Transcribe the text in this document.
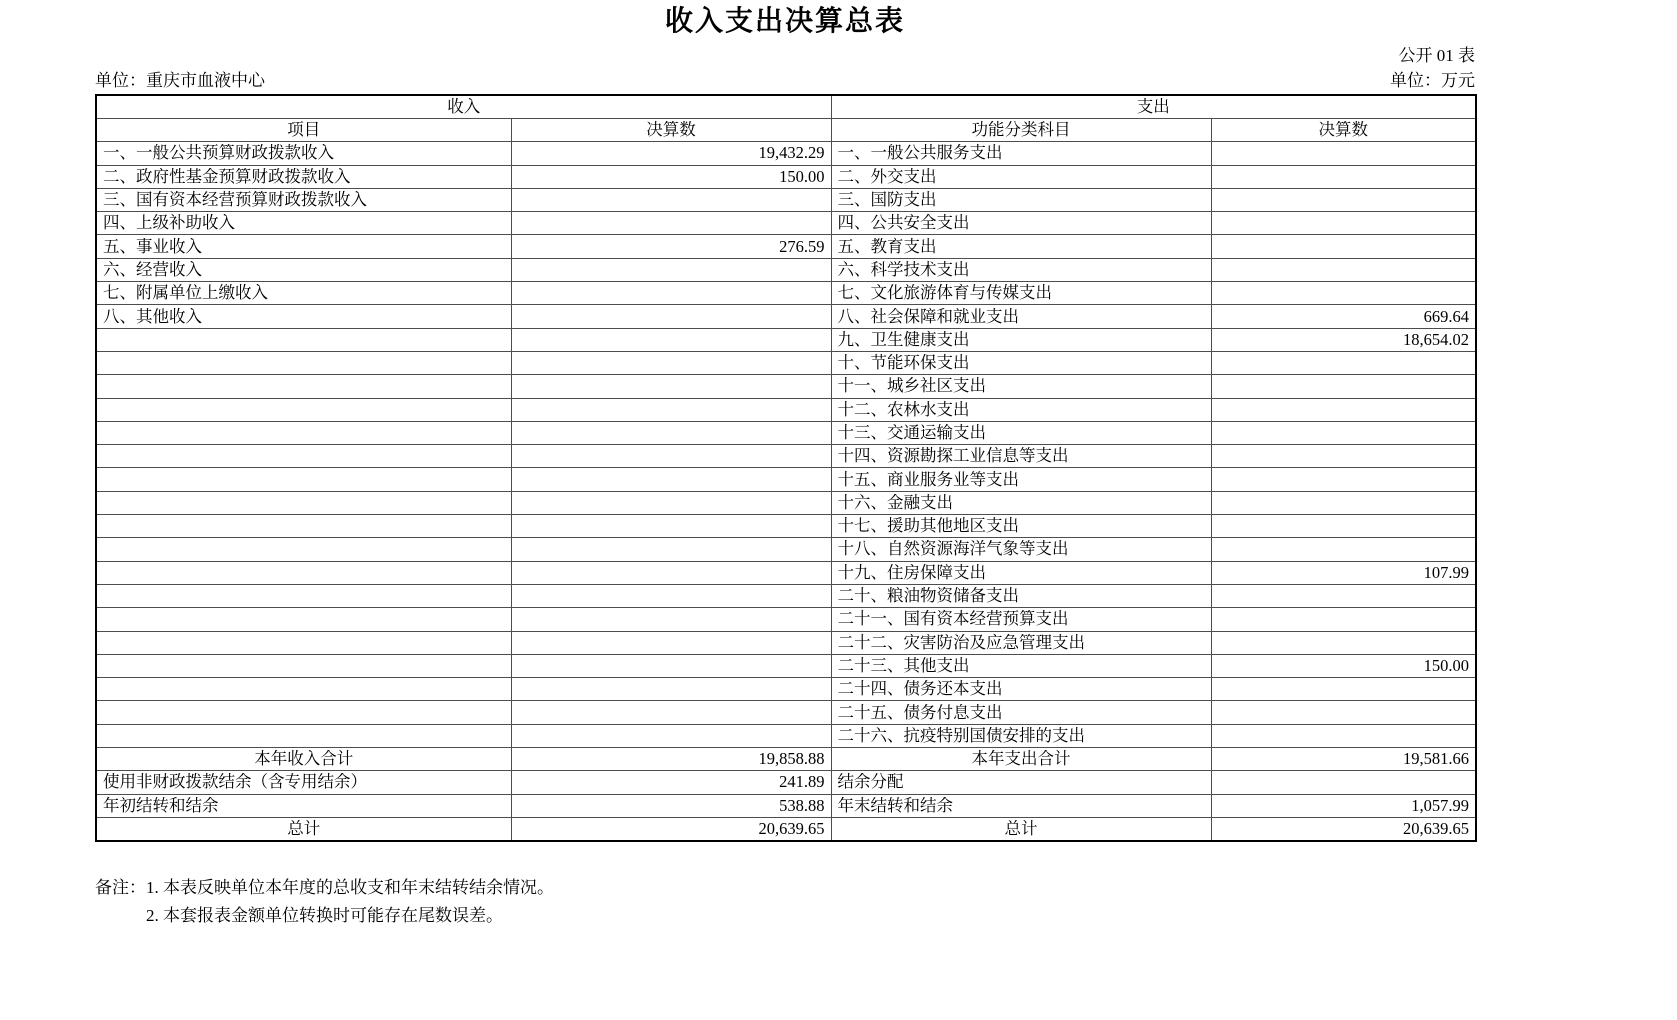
收入支出决算总表
公开 01 表
单位：重庆市血液中心	单位：万元
收入		支出	
项目	决算数	功能分类科目	决算数
一、一般公共预算财政拨款收入	19,432.29	一、一般公共服务支出	
二、政府性基金预算财政拨款收入	150.00	二、外交支出	
三、国有资本经营预算财政拨款收入		三、国防支出	
四、上级补助收入		四、公共安全支出	
五、事业收入	276.59	五、教育支出	
六、经营收入		六、科学技术支出	
七、附属单位上缴收入		七、文化旅游体育与传媒支出	
八、其他收入		八、社会保障和就业支出	669.64
		九、卫生健康支出	18,654.02
		十、节能环保支出	
		十一、城乡社区支出	
		十二、农林水支出	
		十三、交通运输支出	
		十四、资源勘探工业信息等支出	
		十五、商业服务业等支出	
		十六、金融支出	
		十七、援助其他地区支出	
		十八、自然资源海洋气象等支出	
		十九、住房保障支出	107.99
		二十、粮油物资储备支出	
		二十一、国有资本经营预算支出	
		二十二、灾害防治及应急管理支出	
		二十三、其他支出	150.00
		二十四、债务还本支出	
		二十五、债务付息支出	
		二十六、抗疫特别国债安排的支出	
本年收入合计	19,858.88	本年支出合计	19,581.66
使用非财政拨款结余（含专用结余）	241.89	结余分配	
年初结转和结余	538.88	年末结转和结余	1,057.99
总计	20,639.65	总计	20,639.65
备注： 1. 本表反映单位本年度的总收支和年末结转结余情况。
2. 本套报表金额单位转换时可能存在尾数误差。
